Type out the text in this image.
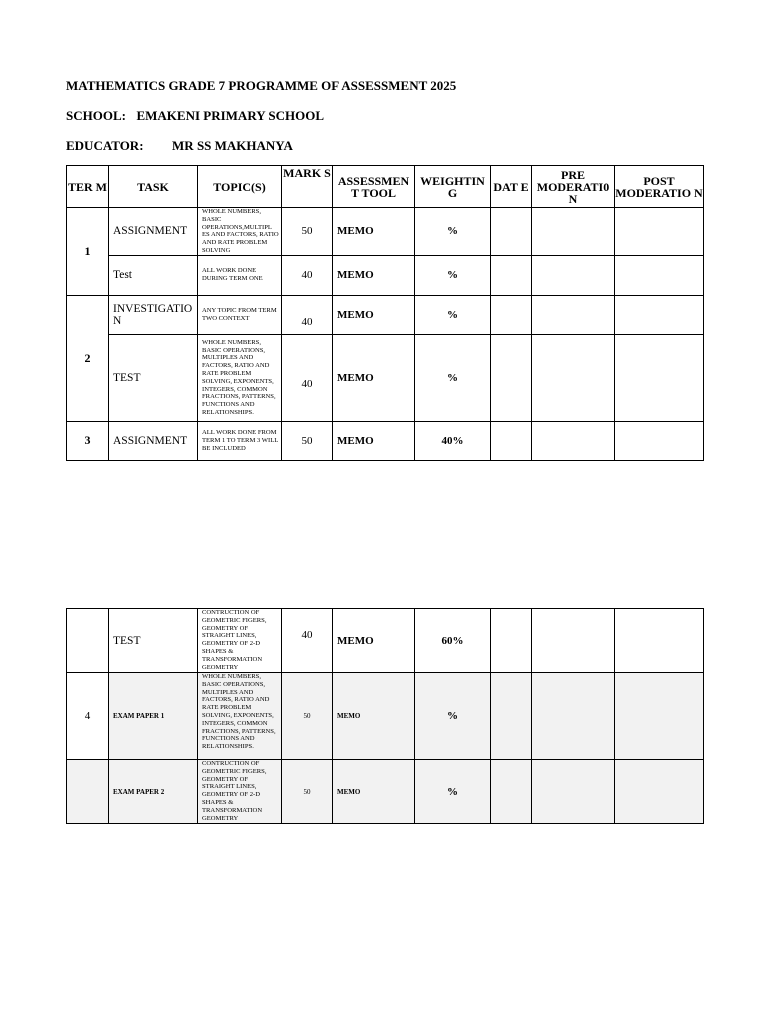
MATHEMATICS GRADE 7 PROGRAMME OF ASSESSMENT 2025
SCHOOL: EMAKENI PRIMARY SCHOOL
EDUCATOR: MR SS MAKHANYA
TER M	TASK	TOPIC(S)	MARK S	ASSESSMEN T TOOL	WEIGHTIN G	DAT E	PRE MODERATI0 N	POST MODERATIO N
1	ASSIGNMENT	WHOLE NUMBERS, BASIC OPERATIONS,MULTIPL ES AND FACTORS, RATIO AND RATE PROBLEM SOLVING	50	MEMO	%			
	Test	ALL WORK DONE DURING TERM ONE	40	MEMO	%			
2	INVESTIGATIO N	ANY TOPIC FROM TERM TWO CONTEXT	40	MEMO	%			
	TEST	WHOLE NUMBERS, BASIC OPERATIONS, MULTIPLES AND FACTORS, RATIO AND RATE PROBLEM SOLVING, EXPONENTS, INTEGERS, COMMON FRACTIONS, PATTERNS, FUNCTIONS AND RELATIONSHIPS.	40	MEMO	%			
3	ASSIGNMENT	ALL WORK DONE FROM TERM 1 TO TERM 3 WILL BE INCLUDED	50	MEMO	40%			
	TEST	CONTRUCTION OF GEOMETRIC FIGERS, GEOMETRY OF STRAIGHT LINES, GEOMETRY OF 2-D SHAPES & TRANSFORMATION GEOMETRY	40	MEMO	60%			
4	EXAM PAPER 1	WHOLE NUMBERS, BASIC OPERATIONS, MULTIPLES AND FACTORS, RATIO AND RATE PROBLEM SOLVING, EXPONENTS, INTEGERS, COMMON FRACTIONS, PATTERNS, FUNCTIONS AND RELATIONSHIPS.	50	MEMO	%			
	EXAM PAPER 2	CONTRUCTION OF GEOMETRIC FIGERS, GEOMETRY OF STRAIGHT LINES, GEOMETRY OF 2-D SHAPES & TRANSFORMATION GEOMETRY	50	MEMO	%			
